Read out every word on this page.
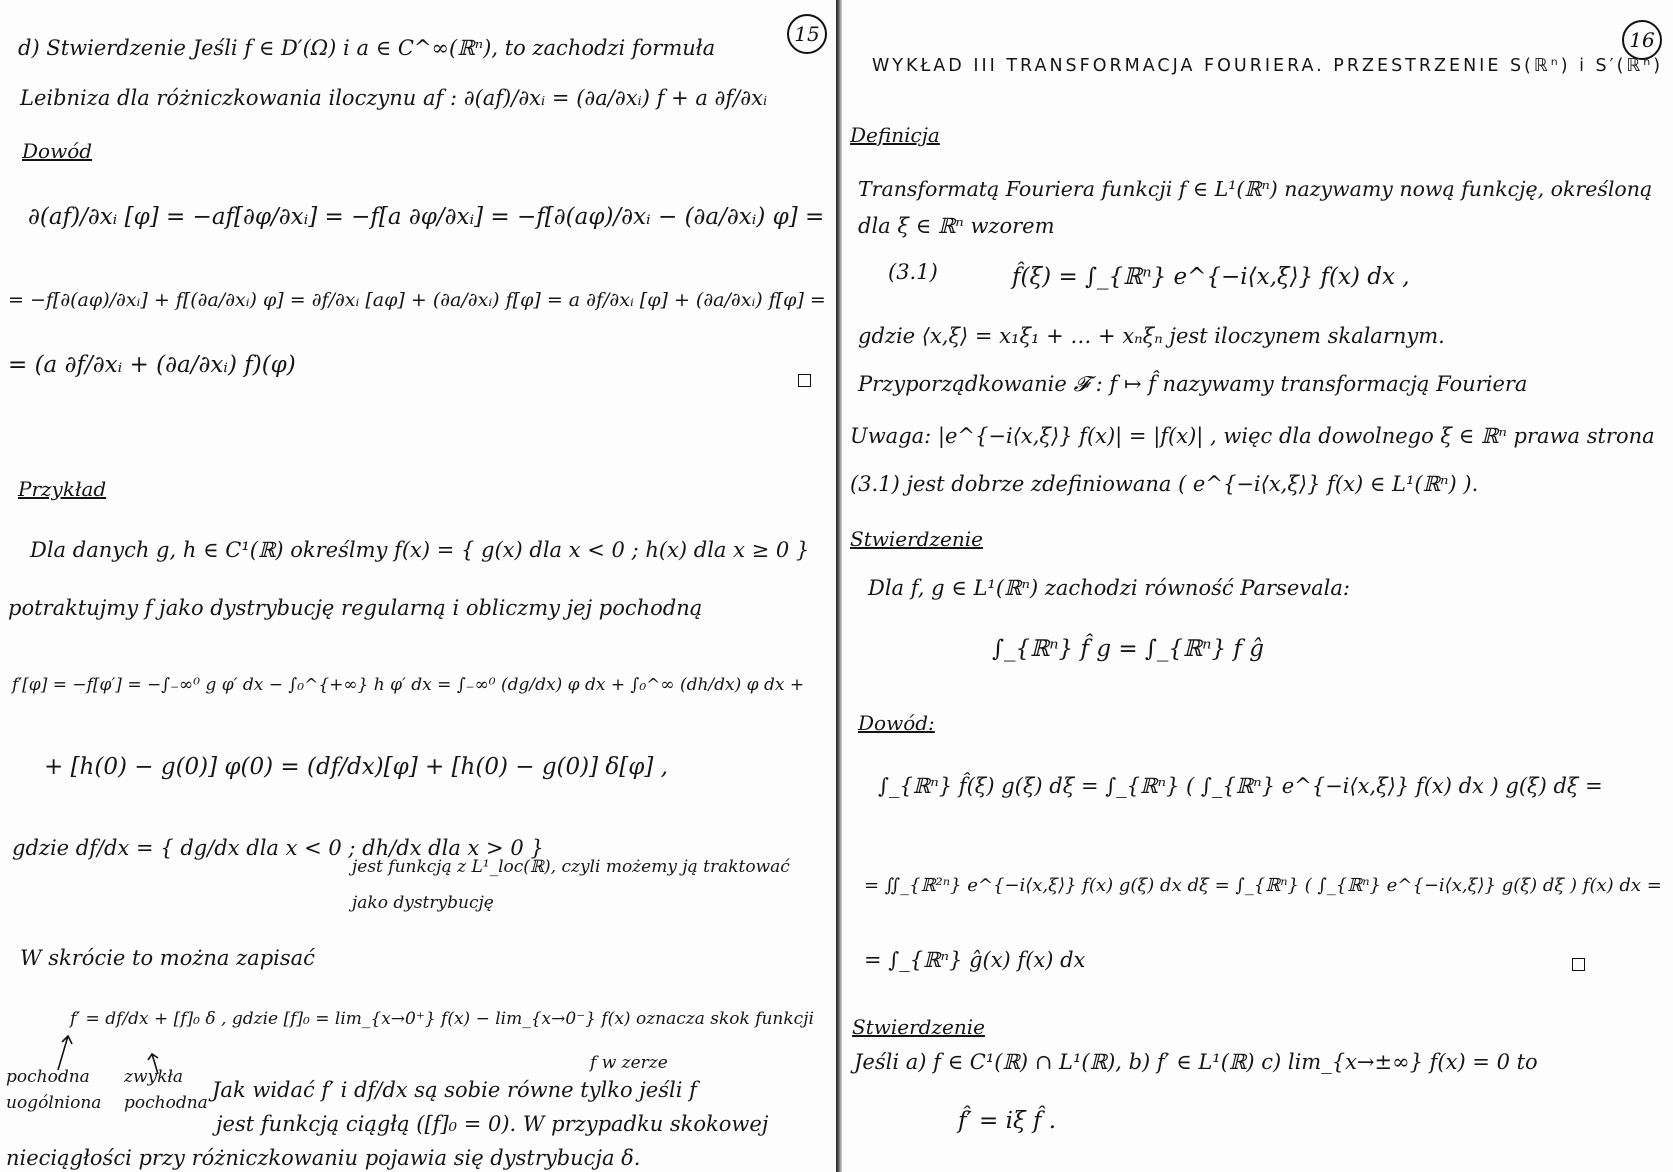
15
d) Stwierdzenie Jeśli f ∈ D′(Ω) i a ∈ C^∞(ℝⁿ), to zachodzi formuła
Leibniza dla różniczkowania iloczynu af : ∂(af)/∂xᵢ = (∂a/∂xᵢ) f + a ∂f/∂xᵢ
Dowód
∂(af)/∂xᵢ [φ] = −af[∂φ/∂xᵢ] = −f[a ∂φ/∂xᵢ] = −f[∂(aφ)/∂xᵢ − (∂a/∂xᵢ) φ] =
= −f[∂(aφ)/∂xᵢ] + f[(∂a/∂xᵢ) φ] = ∂f/∂xᵢ [aφ] + (∂a/∂xᵢ) f[φ] = a ∂f/∂xᵢ [φ] + (∂a/∂xᵢ) f[φ] =
= (a ∂f/∂xᵢ + (∂a/∂xᵢ) f)(φ)
Przykład
Dla danych g, h ∈ C¹(ℝ) określmy f(x) = { g(x) dla x < 0 ; h(x) dla x ≥ 0 }
potraktujmy f jako dystrybucję regularną i obliczmy jej pochodną
f′[φ] = −f[φ′] = −∫₋∞⁰ g φ′ dx − ∫₀^{+∞} h φ′ dx = ∫₋∞⁰ (dg/dx) φ dx + ∫₀^∞ (dh/dx) φ dx +
+ [h(0) − g(0)] φ(0) = (df/dx)[φ] + [h(0) − g(0)] δ[φ] ,
gdzie df/dx = { dg/dx dla x < 0 ; dh/dx dla x > 0 }
jest funkcją z L¹_loc(ℝ), czyli możemy ją traktować
jako dystrybucję
W skrócie to można zapisać
f′ = df/dx + [f]₀ δ , gdzie [f]₀ = lim_{x→0⁺} f(x) − lim_{x→0⁻} f(x) oznacza skok funkcji
pochodna
uogólniona
zwykła
pochodna
Jak widać f′ i df/dx są sobie równe tylko jeśli f
f w zerze
jest funkcją ciągłą ([f]₀ = 0). W przypadku skokowej
nieciągłości przy różniczkowaniu pojawia się dystrybucja δ.
16
WYKŁAD III TRANSFORMACJA FOURIERA. PRZESTRZENIE S(ℝⁿ) i S′(ℝⁿ)
Definicja
Transformatą Fouriera funkcji f ∈ L¹(ℝⁿ) nazywamy nową funkcję, określoną
dla ξ ∈ ℝⁿ wzorem
(3.1)	f̂(ξ) = ∫_{ℝⁿ} e^{−i⟨x,ξ⟩} f(x) dx ,
gdzie ⟨x,ξ⟩ = x₁ξ₁ + … + xₙξₙ jest iloczynem skalarnym.
Przyporządkowanie 𝓕 : f ↦ f̂ nazywamy transformacją Fouriera
Uwaga: |e^{−i⟨x,ξ⟩} f(x)| = |f(x)| , więc dla dowolnego ξ ∈ ℝⁿ prawa strona
(3.1) jest dobrze zdefiniowana ( e^{−i⟨x,ξ⟩} f(x) ∈ L¹(ℝⁿ) ).
Stwierdzenie
Dla f, g ∈ L¹(ℝⁿ) zachodzi równość Parsevala:
∫_{ℝⁿ} f̂ g = ∫_{ℝⁿ} f ĝ
Dowód:
∫_{ℝⁿ} f̂(ξ) g(ξ) dξ = ∫_{ℝⁿ} ( ∫_{ℝⁿ} e^{−i⟨x,ξ⟩} f(x) dx ) g(ξ) dξ =
= ∬_{ℝ²ⁿ} e^{−i⟨x,ξ⟩} f(x) g(ξ) dx dξ = ∫_{ℝⁿ} ( ∫_{ℝⁿ} e^{−i⟨x,ξ⟩} g(ξ) dξ ) f(x) dx =
= ∫_{ℝⁿ} ĝ(x) f(x) dx
Stwierdzenie
Jeśli a) f ∈ C¹(ℝ) ∩ L¹(ℝ), b) f′ ∈ L¹(ℝ) c) lim_{x→±∞} f(x) = 0 to
f̂′ = iξ f̂ .
